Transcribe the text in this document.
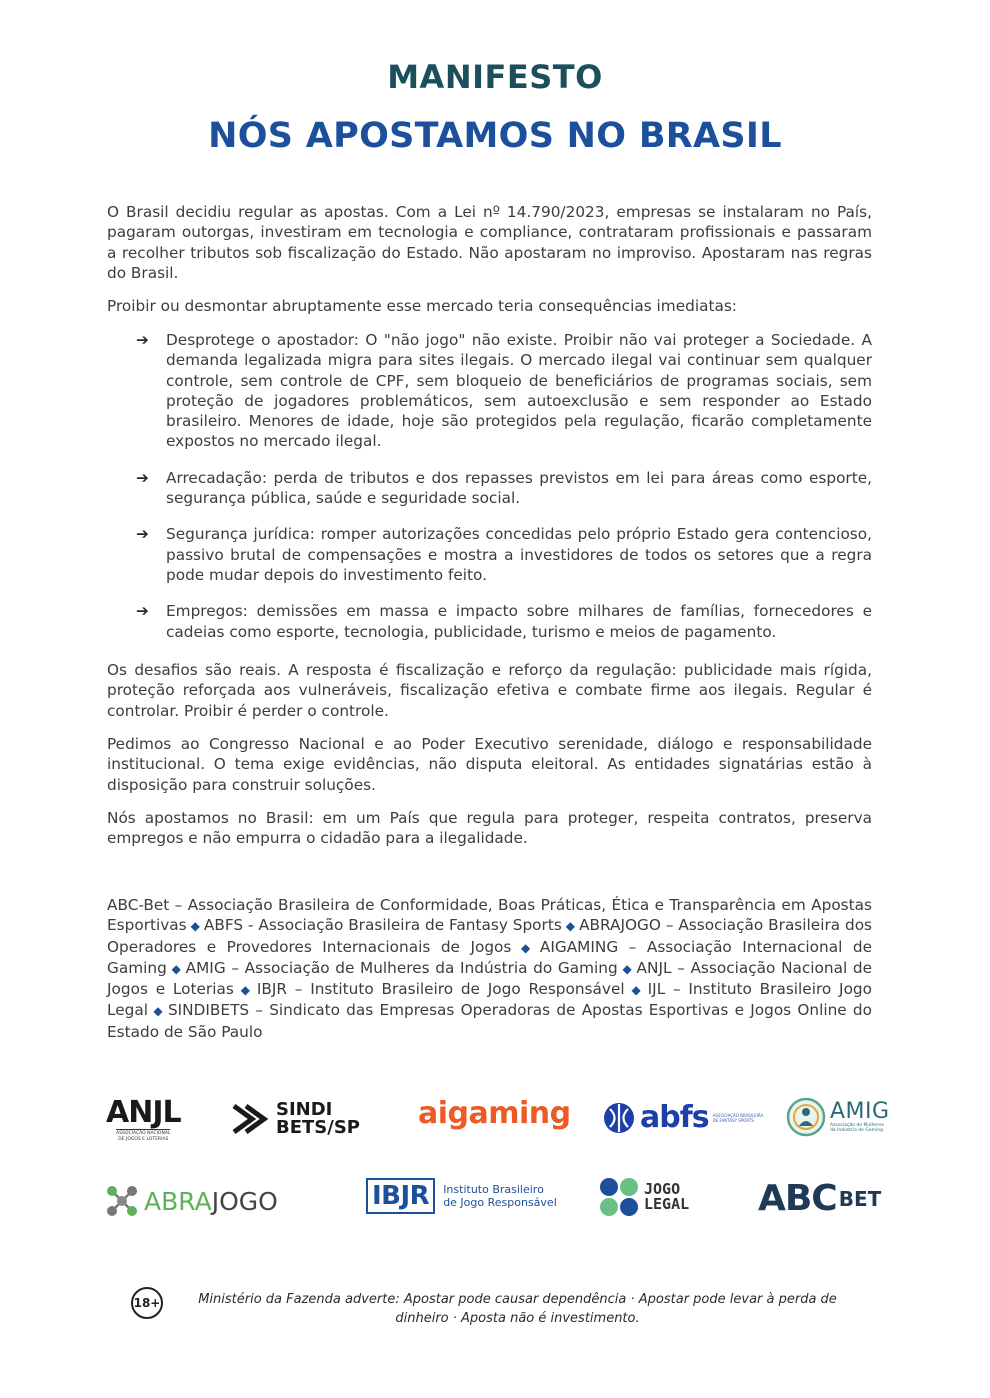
MANIFESTO
NÓS APOSTAMOS NO BRASIL

O Brasil decidiu regular as apostas. Com a Lei nº 14.790/2023, empresas se instalaram no País, pagaram outorgas, investiram em tecnologia e compliance, contrataram profissionais e passaram a recolher tributos sob fiscalização do Estado. Não apostaram no improviso. Apostaram nas regras do Brasil.

Proibir ou desmontar abruptamente esse mercado teria consequências imediatas:

➔	Desprotege o apostador: O "não jogo" não existe. Proibir não vai proteger a Sociedade. A demanda legalizada migra para sites ilegais. O mercado ilegal vai continuar sem qualquer controle, sem controle de CPF, sem bloqueio de beneficiários de programas sociais, sem proteção de jogadores problemáticos, sem autoexclusão e sem responder ao Estado brasileiro. Menores de idade, hoje são protegidos pela regulação, ficarão completamente expostos no mercado ilegal.
➔	Arrecadação: perda de tributos e dos repasses previstos em lei para áreas como esporte, segurança pública, saúde e seguridade social.
➔	Segurança jurídica: romper autorizações concedidas pelo próprio Estado gera contencioso, passivo brutal de compensações e mostra a investidores de todos os setores que a regra pode mudar depois do investimento feito.
➔	Empregos: demissões em massa e impacto sobre milhares de famílias, fornecedores e cadeias como esporte, tecnologia, publicidade, turismo e meios de pagamento.

Os desafios são reais. A resposta é fiscalização e reforço da regulação: publicidade mais rígida, proteção reforçada aos vulneráveis, fiscalização efetiva e combate firme aos ilegais. Regular é controlar. Proibir é perder o controle.

Pedimos ao Congresso Nacional e ao Poder Executivo serenidade, diálogo e responsabilidade institucional. O tema exige evidências, não disputa eleitoral. As entidades signatárias estão à disposição para construir soluções.

Nós apostamos no Brasil: em um País que regula para proteger, respeita contratos, preserva empregos e não empurra o cidadão para a ilegalidade.

ABC-Bet – Associação Brasileira de Conformidade, Boas Práticas, Ética e Transparência em Apostas Esportivas ◆ ABFS - Associação Brasileira de Fantasy Sports ◆ ABRAJOGO – Associação Brasileira dos Operadores e Provedores Internacionais de Jogos ◆ AIGAMING – Associação Internacional de Gaming ◆ AMIG – Associação de Mulheres da Indústria do Gaming ◆ ANJL – Associação Nacional de Jogos e Loterias ◆ IBJR – Instituto Brasileiro de Jogo Responsável ◆ IJL – Instituto Brasileiro Jogo Legal ◆ SINDIBETS – Sindicato das Empresas Operadoras de Apostas Esportivas e Jogos Online do Estado de São Paulo

ANJL
ASSOCIAÇÃO NACIONAL
DE JOGOS E LOTERIAS
SINDI
BETS/SP aigaming abfs ASSOCIAÇÃO BRASILEIRA
DE FANTASY SPORTS	AMIG
Associação de Mulheres
da Indústria de Gaming
ABRA JOGO	IBJR	Instituto Brasileiro
de Jogo Responsável
JOGO
LEGAL ABC BET
18+	Ministério da Fazenda adverte: Apostar pode causar dependência · Apostar pode levar à perda de dinheiro · Aposta não é investimento.
